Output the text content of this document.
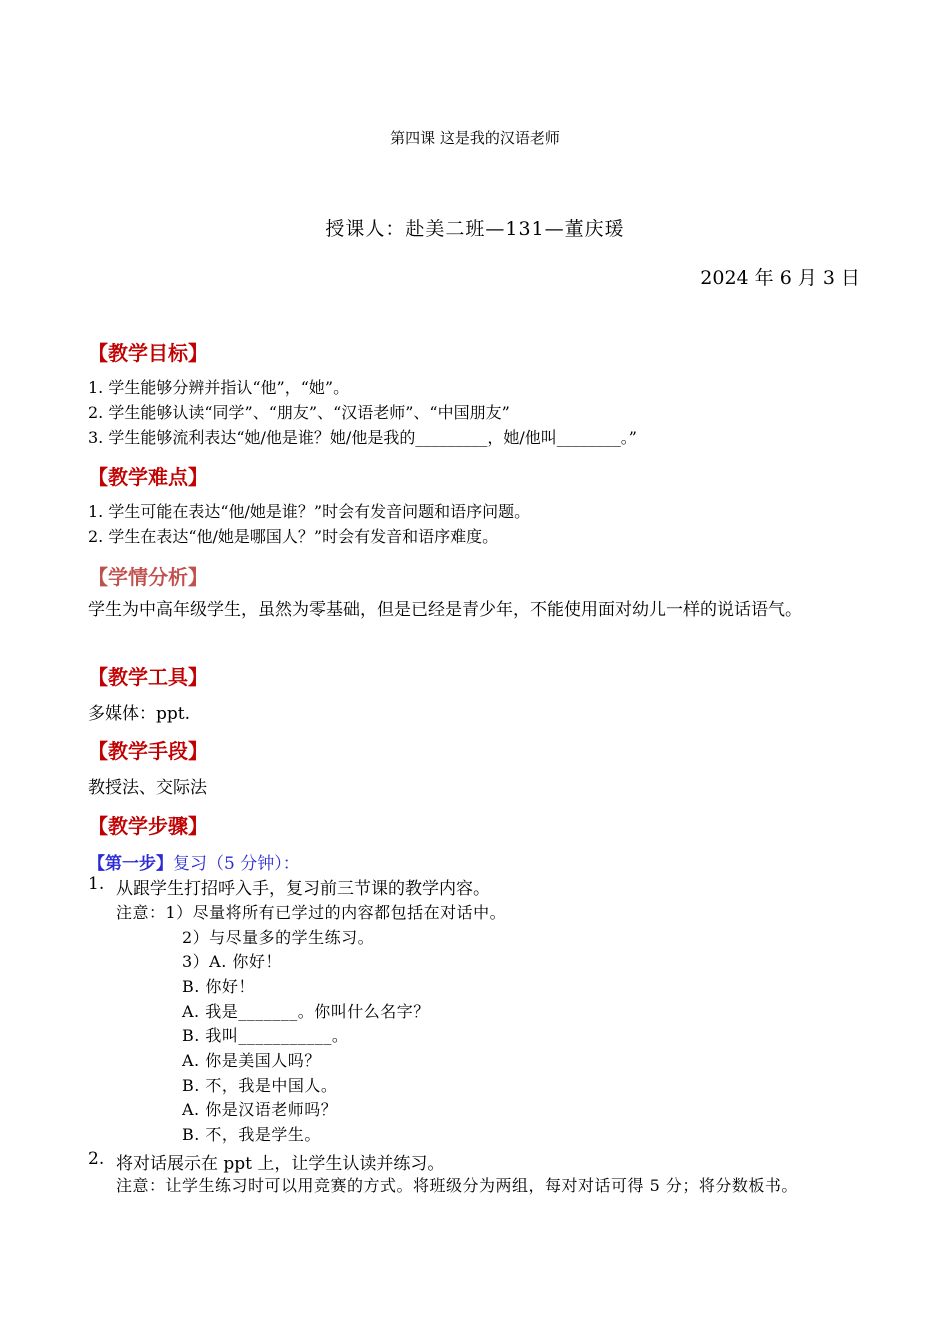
第四课 这是我的汉语老师
授课人：赴美二班—131—董庆瑗
2024 年 6 月 3 日
【教学目标】
1. 学生能够分辨并指认“他”，“她”。
2. 学生能够认读“同学”、“朋友”、“汉语老师”、“中国朋友”
3. 学生能够流利表达“她/他是谁？她/他是我的_________，她/他叫________。”
【教学难点】
1. 学生可能在表达“他/她是谁？”时会有发音问题和语序问题。
2. 学生在表达“他/她是哪国人？”时会有发音和语序难度。
【学情分析】
学生为中高年级学生，虽然为零基础，但是已经是青少年，不能使用面对幼儿一样的说话语气。
【教学工具】
多媒体：ppt.
【教学手段】
教授法、交际法
【教学步骤】
【第一步】复习（5 分钟）：
1. 从跟学生打招呼入手，复习前三节课的教学内容。
注意：1）尽量将所有已学过的内容都包括在对话中。
2）与尽量多的学生练习。
3）A. 你好！
B. 你好！
A. 我是_______。你叫什么名字？
B. 我叫___________。
A. 你是美国人吗？
B. 不，我是中国人。
A. 你是汉语老师吗？
B. 不，我是学生。
2. 将对话展示在 ppt 上，让学生认读并练习。
注意：让学生练习时可以用竞赛的方式。将班级分为两组，每对对话可得 5 分；将分数板书。
